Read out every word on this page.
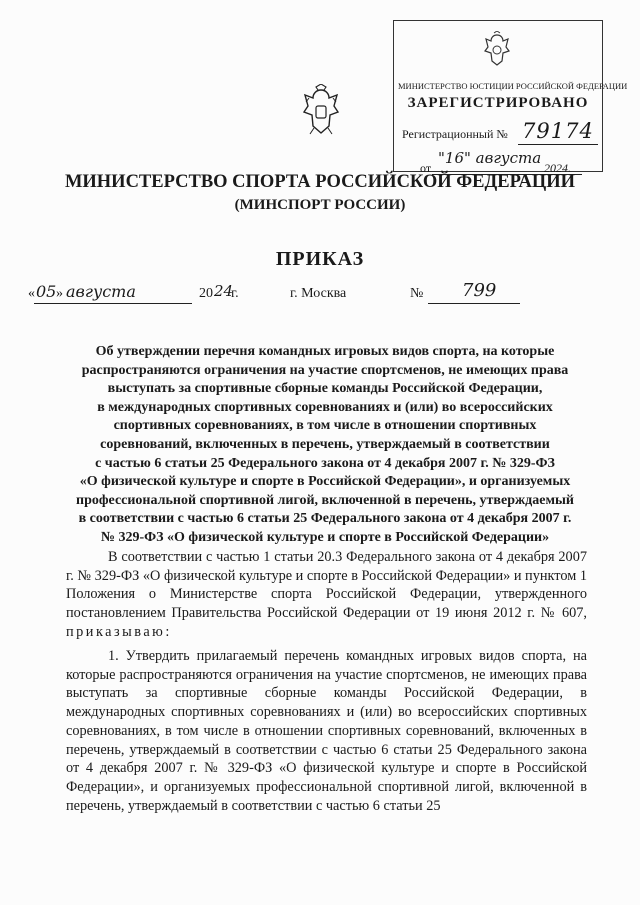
МИНИСТЕРСТВО ЮСТИЦИИ РОССИЙСКОЙ ФЕДЕРАЦИИ
ЗАРЕГИСТРИРОВАНО
Регистрационный № 79174
от
"16" августа
2024.
МИНИСТЕРСТВО СПОРТА РОССИЙСКОЙ ФЕДЕРАЦИИ
(МИНСПОРТ РОССИИ)
ПРИКАЗ
« 05 » августа	20 24
г.	г. Москва	№ 799
Об утверждении перечня командных игровых видов спорта, на которые
распространяются ограничения на участие спортсменов, не имеющих права
выступать за спортивные сборные команды Российской Федерации,
в международных спортивных соревнованиях и (или) во всероссийских
спортивных соревнованиях, в том числе в отношении спортивных
соревнований, включенных в перечень, утверждаемый в соответствии
с частью 6 статьи 25 Федерального закона от 4 декабря 2007 г. № 329-ФЗ
«О физической культуре и спорте в Российской Федерации», и организуемых
профессиональной спортивной лигой, включенной в перечень, утверждаемый
в соответствии с частью 6 статьи 25 Федерального закона от 4 декабря 2007 г.
№ 329-ФЗ «О физической культуре и спорте в Российской Федерации»
В соответствии с частью 1 статьи 20.3 Федерального закона от 4 декабря 2007 г. № 329-ФЗ «О физической культуре и спорте в Российской Федерации» и пунктом 1 Положения о Министерстве спорта Российской Федерации, утвержденного постановлением Правительства Российской Федерации от 19 июня 2012 г. № 607, приказываю:
1. Утвердить прилагаемый перечень командных игровых видов спорта, на которые распространяются ограничения на участие спортсменов, не имеющих права выступать за спортивные сборные команды Российской Федерации, в международных спортивных соревнованиях и (или) во всероссийских спортивных соревнованиях, в том числе в отношении спортивных соревнований, включенных в перечень, утверждаемый в соответствии с частью 6 статьи 25 Федерального закона от 4 декабря 2007 г. № 329-ФЗ «О физической культуре и спорте в Российской Федерации», и организуемых профессиональной спортивной лигой, включенной в перечень, утверждаемый в соответствии с частью 6 статьи 25
